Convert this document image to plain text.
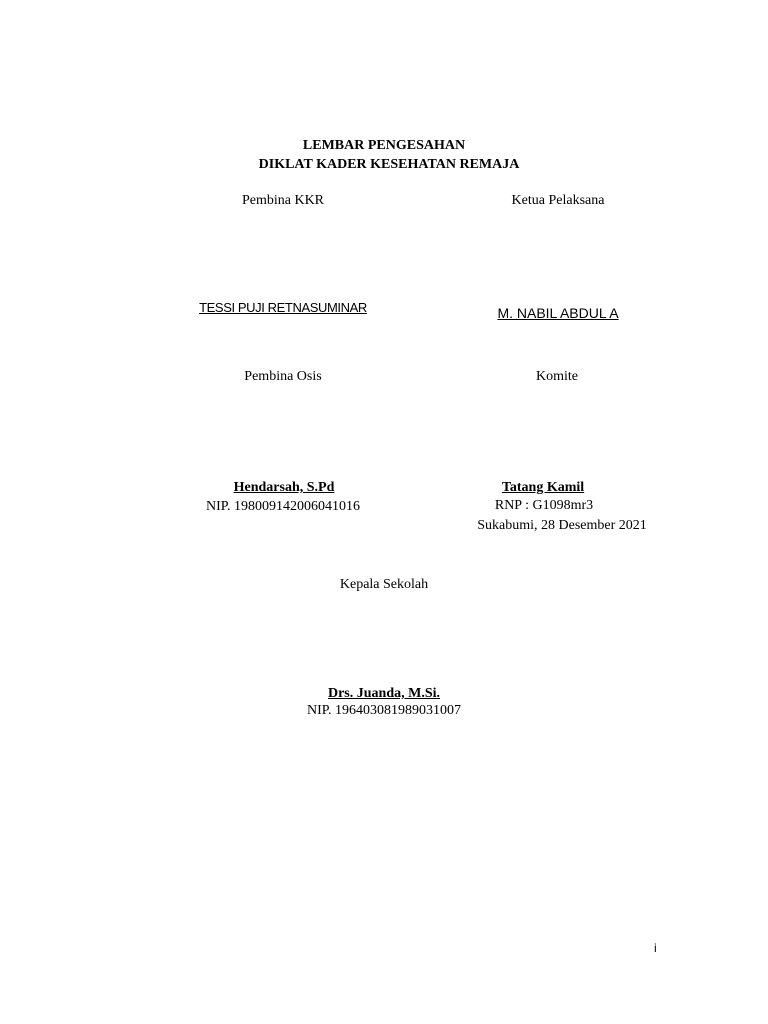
LEMBAR PENGESAHAN
DIKLAT KADER KESEHATAN REMAJA
Pembina KKR	Ketua Pelaksana
TESSI PUJI RETNASUMINAR	M. NABIL ABDUL A
Pembina Osis	Komite
Hendarsah, S.Pd	Tatang Kamil
NIP. 198009142006041016	RNP : G1098mr3
Sukabumi, 28 Desember 2021
Kepala Sekolah
Drs. Juanda, M.Si.
NIP. 196403081989031007
i
